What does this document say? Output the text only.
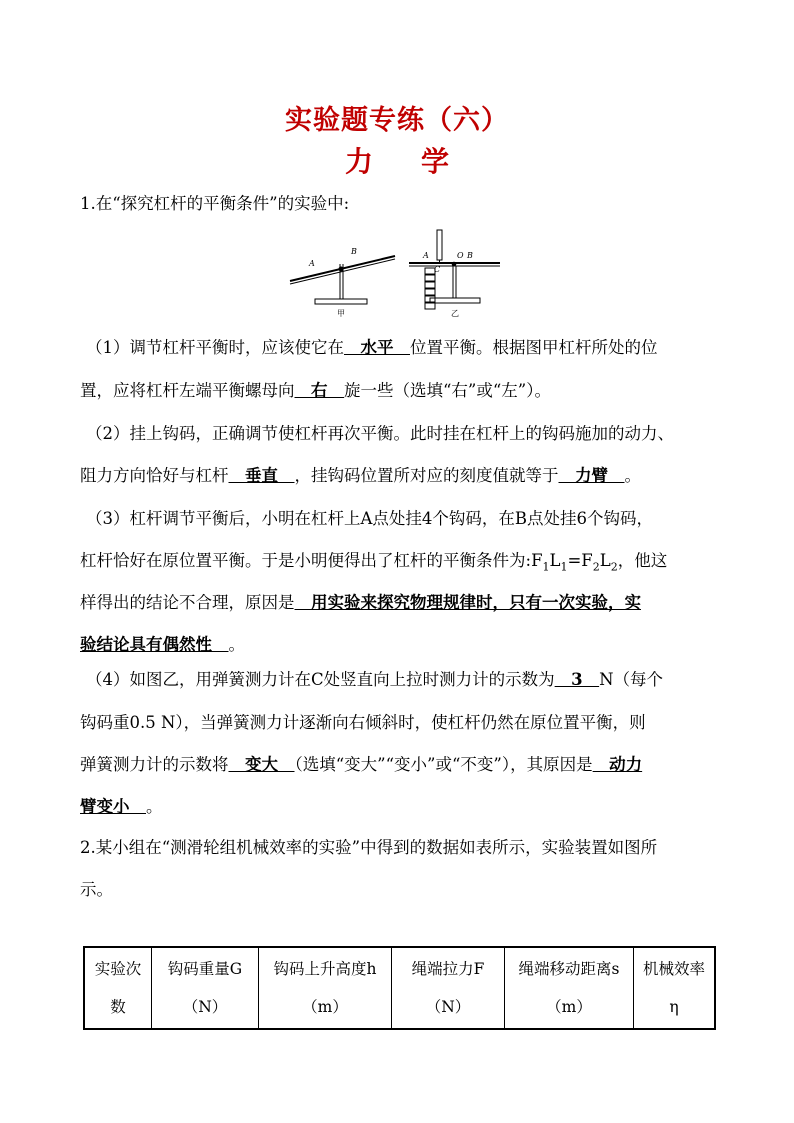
实验题专练（六）
力 学
1.在“探究杠杆的平衡条件”的实验中:
A
B
甲
A
C
O B
乙
（1）调节杠杆平衡时，应该使它在　水平　位置平衡。根据图甲杠杆所处的位
置，应将杠杆左端平衡螺母向　右　旋一些（选填“右”或“左”）。
（2）挂上钩码，正确调节使杠杆再次平衡。此时挂在杠杆上的钩码施加的动力、
阻力方向恰好与杠杆　垂直　，挂钩码位置所对应的刻度值就等于　力臂　。
（3）杠杆调节平衡后，小明在杠杆上A点处挂4个钩码，在B点处挂6个钩码，
杠杆恰好在原位置平衡。于是小明便得出了杠杆的平衡条件为$:F_1L_1=F_2L_2$，他这
样得出的结论不合理，原因是　用实验来探究物理规律时，只有一次实验，实
验结论具有偶然性　。
（4）如图乙，用弹簧测力计在C处竖直向上拉时测力计的示数为　3　N（每个
钩码重0.5 N），当弹簧测力计逐渐向右倾斜时，使杠杆仍然在原位置平衡，则
弹簧测力计的示数将　变大　（选填“变大”“变小”或“不变”），其原因是　动力
臂变小　。
2.某小组在“测滑轮组机械效率的实验”中得到的数据如表所示，实验装置如图所
示。
实验次
数

钩码重量G
（N）

钩码上升高度h
（m）

绳端拉力F
（N）

绳端移动距离s
（m）

机械效率
η
